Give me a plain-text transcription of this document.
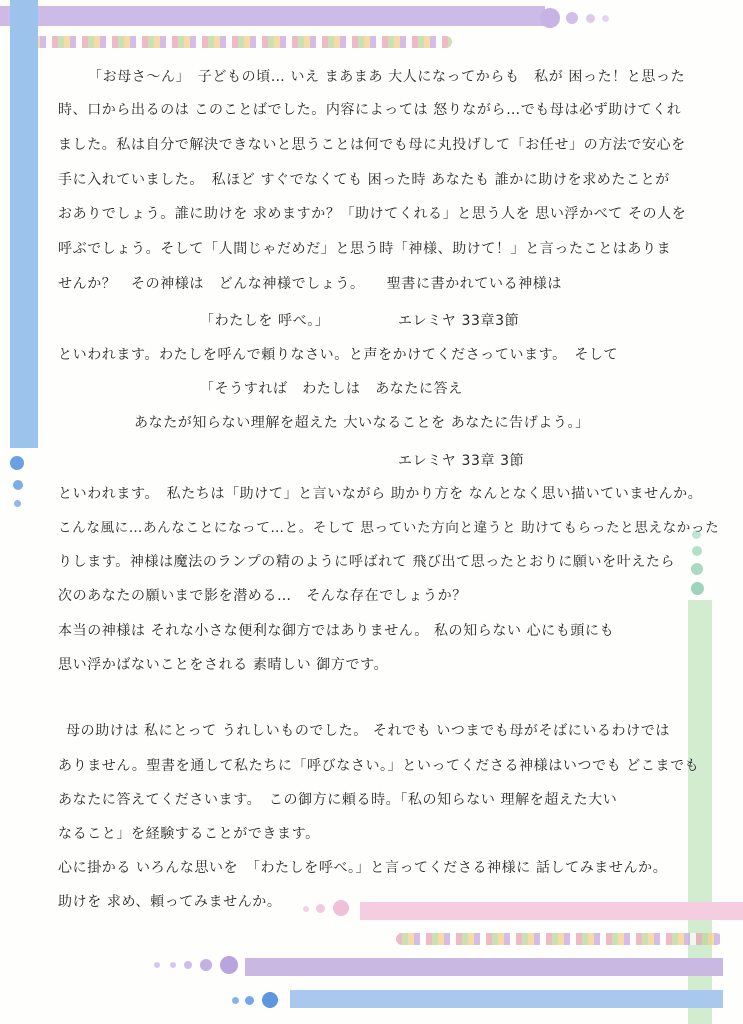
「お母さ～ん」　子どもの頃… いえ まあまあ 大人になってからも　私が 困った！と思った
時、口から出るのは このことばでした。内容によっては 怒りながら…でも母は必ず助けてくれ
ました。私は自分で解決できないと思うことは何でも母に丸投げして「お任せ」の方法で安心を
手に入れていました。　私ほど すぐでなくても 困った時 あなたも 誰かに助けを求めたことが
おありでしょう。誰に助けを 求めますか？「助けてくれる」と思う人を 思い浮かべて その人を
呼ぶでしょう。そして「人間じゃだめだ」と思う時「神様、助けて！」と言ったことはありま
せんか？　その神様は　どんな神様でしょう。　　聖書に書かれている神様は
「わたしを 呼べ。」	エレミヤ 33章3節
といわれます。わたしを呼んで頼りなさい。と声をかけてくださっています。　そして
「そうすれば　わたしは　あなたに答え
あなたが知らない理解を超えた 大いなることを あなたに告げよう。」
エレミヤ 33章 3節
といわれます。　私たちは「助けて」と言いながら 助かり方を なんとなく思い描いていませんか。
こんな風に…あんなことになって…と。そして 思っていた方向と違うと 助けてもらったと思えなかった
りします。神様は魔法のランプの精のように呼ばれて 飛び出て思ったとおりに願いを叶えたら
次のあなたの願いまで影を潜める…　そんな存在でしょうか？
本当の神様は それな小さな便利な御方ではありません。 私の知らない 心にも頭にも
思い浮かばないことをされる 素晴しい 御方です。
母の助けは 私にとって うれしいものでした。 それでも いつまでも母がそばにいるわけでは
ありません。聖書を通して私たちに「呼びなさい。」といってくださる神様はいつでも どこまでも
あなたに答えてくださいます。　この御方に頼る時。「私の知らない 理解を超えた大い
なること」を経験することができます。
心に掛かる いろんな思いを　「わたしを呼べ。」と言ってくださる神様に 話してみませんか。
助けを 求め、頼ってみませんか。
